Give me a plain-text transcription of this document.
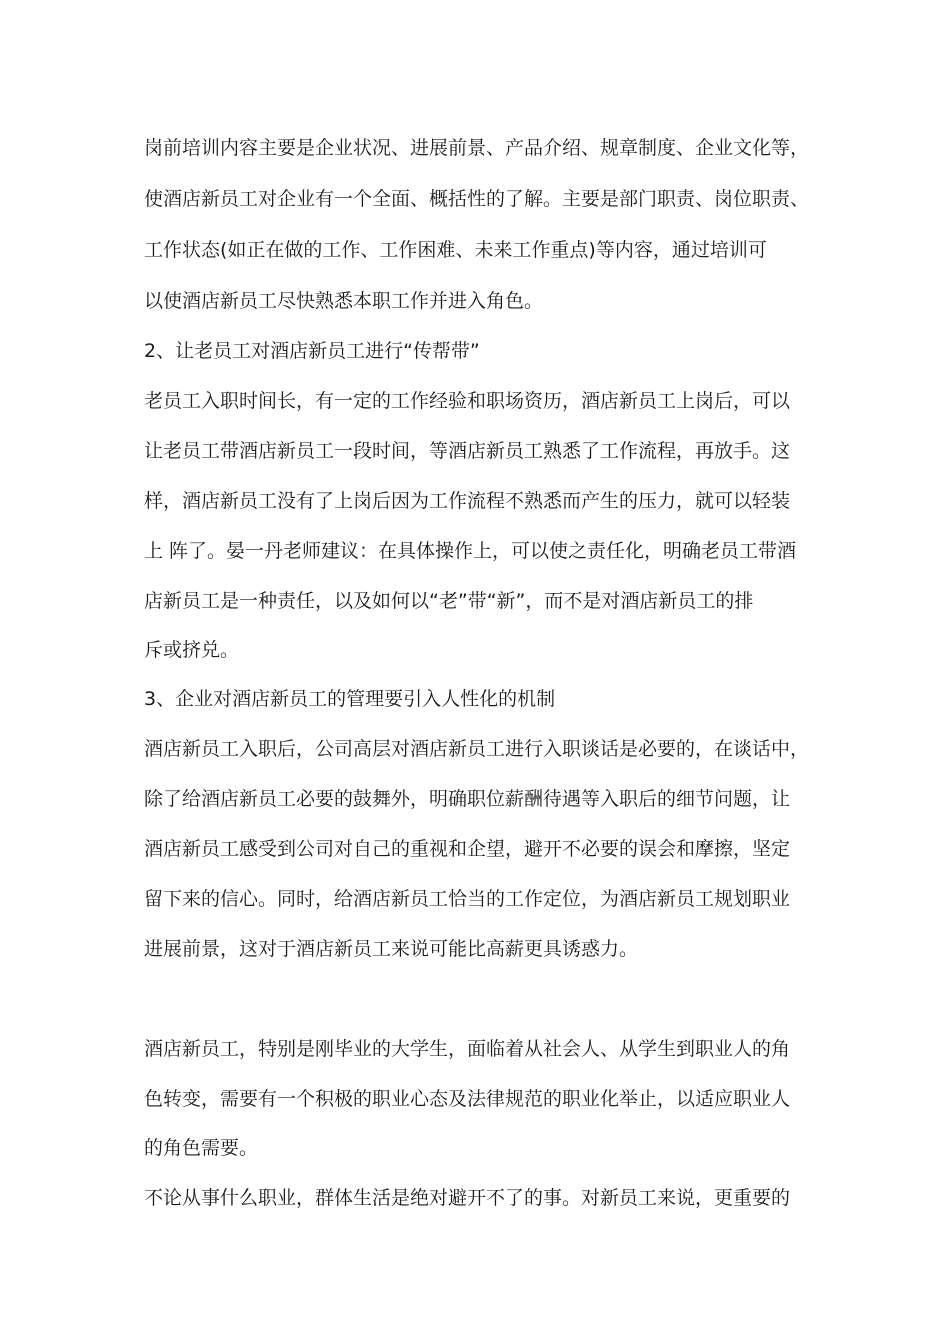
岗前培训内容主要是企业状况、进展前景、产品介绍、规章制度、企业文化等，
使酒店新员工对企业有一个全面、概括性的了解。主要是部门职责、岗位职责、
工作状态(如正在做的工作、工作困难、未来工作重点)等内容，通过培训可
以使酒店新员工尽快熟悉本职工作并进入角色。
2、让老员工对酒店新员工进行“传帮带”
老员工入职时间长，有一定的工作经验和职场资历，酒店新员工上岗后，可以
让老员工带酒店新员工一段时间，等酒店新员工熟悉了工作流程，再放手。这
样，酒店新员工没有了上岗后因为工作流程不熟悉而产生的压力，就可以轻装
上 阵了。晏一丹老师建议：在具体操作上，可以使之责任化，明确老员工带酒
店新员工是一种责任，以及如何以“老”带“新”，而不是对酒店新员工的排
斥或挤兑。
3、企业对酒店新员工的管理要引入人性化的机制
酒店新员工入职后，公司高层对酒店新员工进行入职谈话是必要的，在谈话中，
除了给酒店新员工必要的鼓舞外，明确职位薪酬待遇等入职后的细节问题，让
酒店新员工感受到公司对自己的重视和企望，避开不必要的误会和摩擦，坚定
留下来的信心。同时，给酒店新员工恰当的工作定位，为酒店新员工规划职业
进展前景，这对于酒店新员工来说可能比高薪更具诱惑力。
酒店新员工，特别是刚毕业的大学生，面临着从社会人、从学生到职业人的角
色转变，需要有一个积极的职业心态及法律规范的职业化举止，以适应职业人
的角色需要。
不论从事什么职业，群体生活是绝对避开不了的事。对新员工来说，更重要的
